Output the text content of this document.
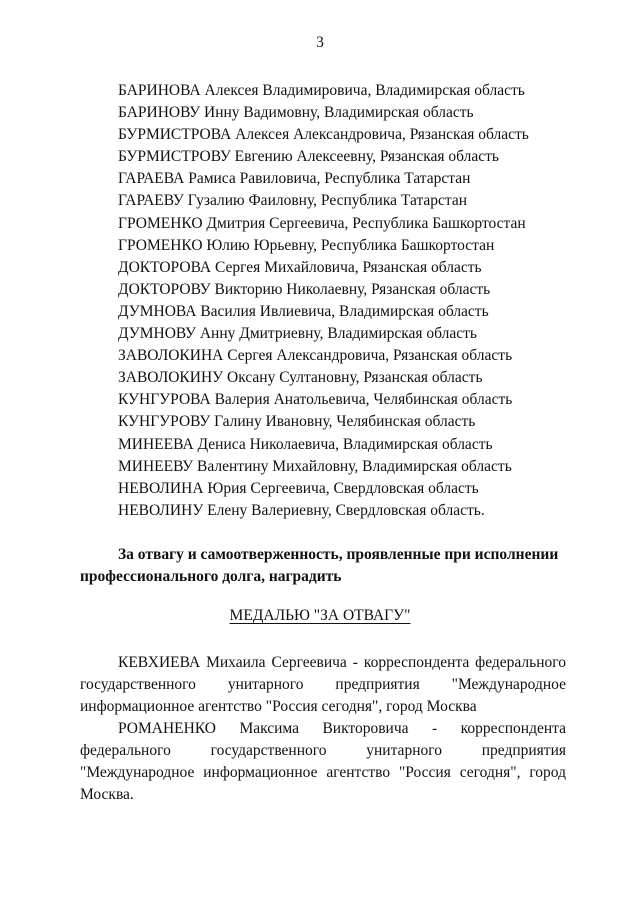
3
БАРИНОВА Алексея Владимировича, Владимирская область
БАРИНОВУ Инну Вадимовну, Владимирская область
БУРМИСТРОВА Алексея Александровича, Рязанская область
БУРМИСТРОВУ Евгению Алексеевну, Рязанская область
ГАРАЕВА Рамиса Равиловича, Республика Татарстан
ГАРАЕВУ Гузалию Фаиловну, Республика Татарстан
ГРОМЕНКО Дмитрия Сергеевича, Республика Башкортостан
ГРОМЕНКО Юлию Юрьевну, Республика Башкортостан
ДОКТОРОВА Сергея Михайловича, Рязанская область
ДОКТОРОВУ Викторию Николаевну, Рязанская область
ДУМНОВА Василия Ивлиевича, Владимирская область
ДУМНОВУ Анну Дмитриевну, Владимирская область
ЗАВОЛОКИНА Сергея Александровича, Рязанская область
ЗАВОЛОКИНУ Оксану Султановну, Рязанская область
КУНГУРОВА Валерия Анатольевича, Челябинская область
КУНГУРОВУ Галину Ивановну, Челябинская область
МИНЕЕВА Дениса Николаевича, Владимирская область
МИНЕЕВУ Валентину Михайловну, Владимирская область
НЕВОЛИНА Юрия Сергеевича, Свердловская область
НЕВОЛИНУ Елену Валериевну, Свердловская область.

За отвагу и самоотверженность, проявленные при исполнении профессионального долга, наградить

МЕДАЛЬЮ "ЗА ОТВАГУ"

КЕВХИЕВА Михаила Сергеевича - корреспондента федерального государственного унитарного предприятия "Международное информационное агентство "Россия сегодня", город Москва

РОМАНЕНКО Максима Викторовича - корреспондента федерального государственного унитарного предприятия "Международное информационное агентство "Россия сегодня", город Москва.
